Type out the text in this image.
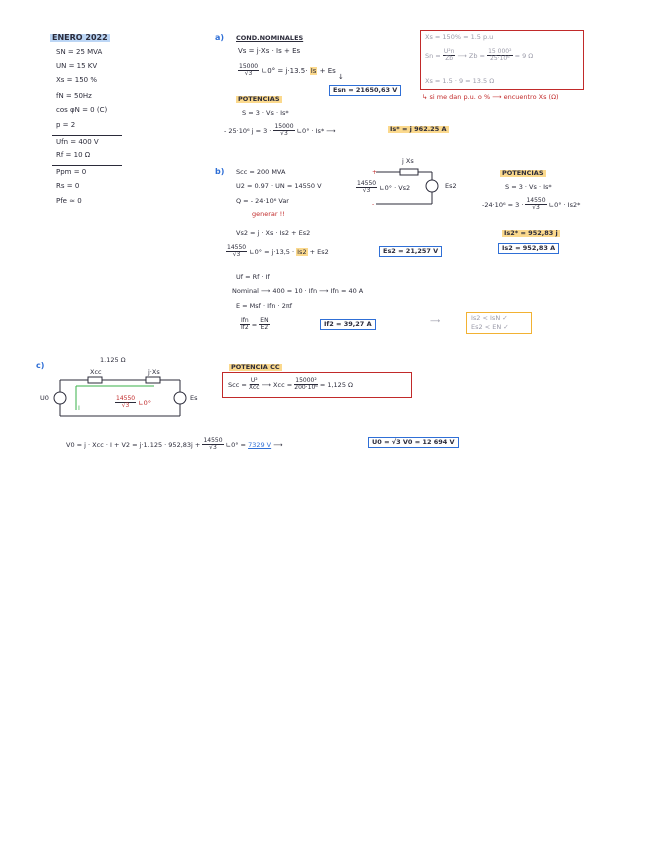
ENERO 2022
SN = 25 MVA
UN = 15 KV
Xs = 150 %
fN = 50Hz
cos φN = 0 (C)
p = 2
Ufn = 400 V
Rf = 10 Ω
Ppm = 0
Rs = 0
Pfe ≃ 0
a) COND.NOMINALES
Vs = j·Xs · Is + Es
$\frac{15000}{√3}$ ∟0° = j·13.5· Is + Es
↓
Esn = 21650,63 V
POTENCIAS
S = 3 · Vs · Is*
- 25·10⁶ $j = 3 \cdot \frac{15000}{√3}$ ∟0° · Is* ⟶	Is* = j 962.25 A
Xs = 150% = 1.5 p.u
$Sn = \frac{\text{U²n}}{Zb}$ ⟶ $Zb = \frac{\text{15 000²}}{\text{25·10⁶}} = 9$ Ω
Xs = 1.5 · 9 = 13.5 Ω
↳ si me dan p.u. o % ⟶ encuentro Xs (Ω)
b) Scc = 200 MVA
U2 = 0.97 · UN = 14550 V
Q = - 24·10⁶ Var
generar !!
Vs2 = j · Xs · Is2 + Es2
$\frac{14550}{√3}$ ∟0° = j·13,5 · Is2 + Es2	Es2 = 21,257 V
Uf = Rf · If
Nominal ⟶ 400 = 10 · Ifn ⟶ Ifn = 40 A
E = Msf · Ifn · 2πf
$\frac{\text{Ifn}}{If2} = \frac{EN}{E2}$	If2 = 39,27 A	⟶	Is2 < IsN ✓
Es2 < EN ✓
+
-
j Xs
$\frac{14550}{√3}$ ∟0° · Vs2	Es2
POTENCIAS
S = 3 · Vs · Is*
$-24\cdot 10^6 = 3 \cdot \frac{14550}{√3}$ ∟0° · Is2*
Is2* = 952,83 j
Is2 = 952,83 A
c)
1.125 Ω
Xcc	j·Xs
U0	Es
I	$\frac{14550}{√3}$ ∟0°
POTENCIA CC
Scc = $\frac{\text{U²}}{\text{Xcc}}$ ⟶ Xcc = $\frac{\text{15000²}}{\text{200·10⁶}} = 1,125$ Ω
V0 = j · Xcc · $I + V2 = j\cdot 1.125 \cdot 952,83j + \frac{14550}{√3}$ ∟0° = 7329 V ⟶	U0 = √3 V0 = 12 694 V
